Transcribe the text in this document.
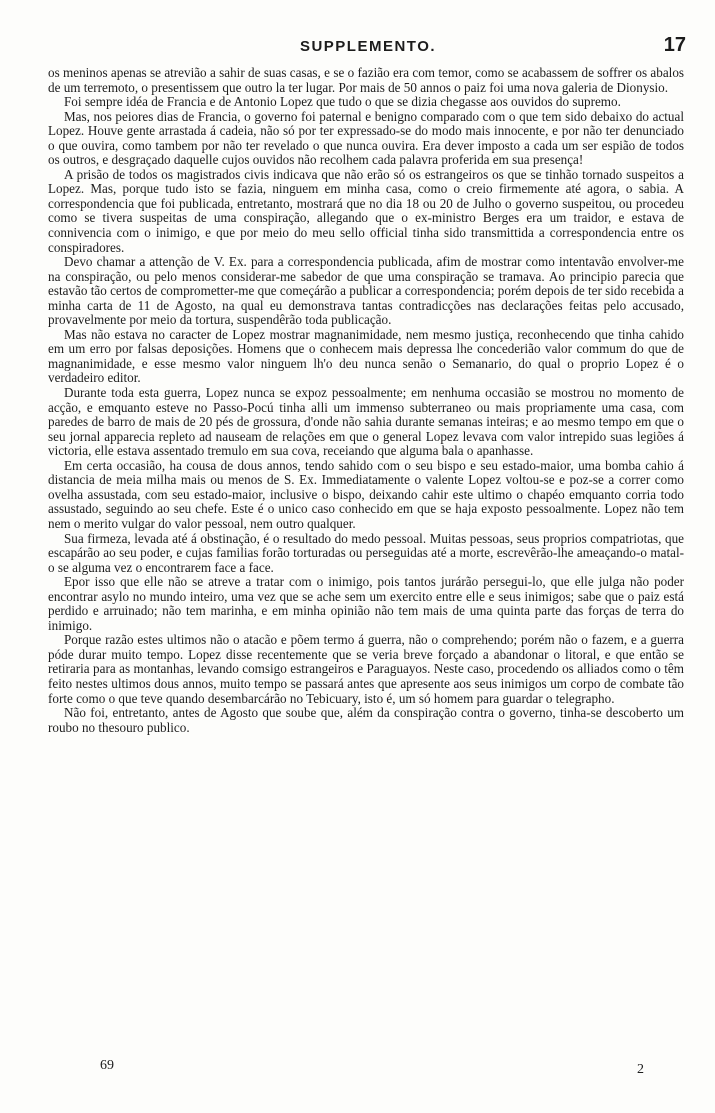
SUPPLEMENTO.	17

os meninos apenas se atrevião a sahir de suas casas, e se o fazião era com temor, como se acabassem de soffrer os abalos de um terremoto, o presentissem que outro la ter lugar. Por mais de 50 annos o paiz foi uma nova galeria de Dionysio.

Foi sempre idéa de Francia e de Antonio Lopez que tudo o que se dizia chegasse aos ouvidos do supremo.

Mas, nos peiores dias de Francia, o governo foi paternal e benigno comparado com o que tem sido debaixo do actual Lopez. Houve gente arrastada á cadeia, não só por ter expressado-se do modo mais innocente, e por não ter denunciado o que ouvira, como tambem por não ter revelado o que nunca ouvira. Era dever imposto a cada um ser espião de todos os outros, e desgraçado daquelle cujos ouvidos não recolhem cada palavra proferida em sua presença!

A prisão de todos os magistrados civis indicava que não erão só os estrangeiros os que se tinhão tornado suspeitos a Lopez. Mas, porque tudo isto se fazia, ninguem em minha casa, como o creio firmemente até agora, o sabia. A correspondencia que foi publicada, entretanto, mostrará que no dia 18 ou 20 de Julho o governo suspeitou, ou procedeu como se tivera suspeitas de uma conspiração, allegando que o ex-ministro Berges era um traidor, e estava de connivencia com o inimigo, e que por meio do meu sello official tinha sido transmittida a correspondencia entre os conspiradores.

Devo chamar a attenção de V. Ex. para a correspondencia publicada, afim de mostrar como intentavão envolver-me na conspiração, ou pelo menos considerar-me sabedor de que uma conspiração se tramava. Ao principio parecia que estavão tão certos de comprometter-me que começárão a publicar a correspondencia; porém depois de ter sido recebida a minha carta de 11 de Agosto, na qual eu demonstrava tantas contradicções nas declarações feitas pelo accusado, provavelmente por meio da tortura, suspendêrão toda publicação.

Mas não estava no caracter de Lopez mostrar magnanimidade, nem mesmo justiça, reconhecendo que tinha cahido em um erro por falsas deposições. Homens que o conhecem mais depressa lhe concederião valor commum do que de magnanimidade, e esse mesmo valor ninguem lh'o deu nunca senão o Semanario, do qual o proprio Lopez é o verdadeiro editor.

Durante toda esta guerra, Lopez nunca se expoz pessoalmente; em nenhuma occasião se mostrou no momento de acção, e emquanto esteve no Passo-Pocú tinha alli um immenso subterraneo ou mais propriamente uma casa, com paredes de barro de mais de 20 pés de grossura, d'onde não sahia durante semanas inteiras; e ao mesmo tempo em que o seu jornal apparecia repleto ad nauseam de relações em que o general Lopez levava com valor intrepido suas legiões á victoria, elle estava assentado tremulo em sua cova, receiando que alguma bala o apanhasse.

Em certa occasião, ha cousa de dous annos, tendo sahido com o seu bispo e seu estado-maior, uma bomba cahio á distancia de meia milha mais ou menos de S. Ex. Immediatamente o valente Lopez voltou-se e poz-se a correr como ovelha assustada, com seu estado-maior, inclusive o bispo, deixando cahir este ultimo o chapéo emquanto corria todo assustado, seguindo ao seu chefe. Este é o unico caso conhecido em que se haja exposto pessoalmente. Lopez não tem nem o merito vulgar do valor pessoal, nem outro qualquer.

Sua firmeza, levada até á obstinação, é o resultado do medo pessoal. Muitas pessoas, seus proprios compatriotas, que escapárão ao seu poder, e cujas familias forão torturadas ou perseguidas até a morte, escrevêrão-lhe ameaçando-o matal-o se alguma vez o encontrarem face a face.

Epor isso que elle não se atreve a tratar com o inimigo, pois tantos jurárão persegui-lo, que elle julga não poder encontrar asylo no mundo inteiro, uma vez que se ache sem um exercito entre elle e seus inimigos; sabe que o paiz está perdido e arruinado; não tem marinha, e em minha opinião não tem mais de uma quinta parte das forças de terra do inimigo.

Porque razão estes ultimos não o atacão e põem termo á guerra, não o comprehendo; porém não o fazem, e a guerra póde durar muito tempo. Lopez disse recentemente que se veria breve forçado a abandonar o litoral, e que então se retiraria para as montanhas, levando comsigo estrangeiros e Paraguayos. Neste caso, procedendo os alliados como o têm feito nestes ultimos dous annos, muito tempo se passará antes que apresente aos seus inimigos um corpo de combate tão forte como o que teve quando desembarcárão no Tebicuary, isto é, um só homem para guardar o telegrapho.

Não foi, entretanto, antes de Agosto que soube que, além da conspiração contra o governo, tinha-se descoberto um roubo no thesouro publico.

69	2
